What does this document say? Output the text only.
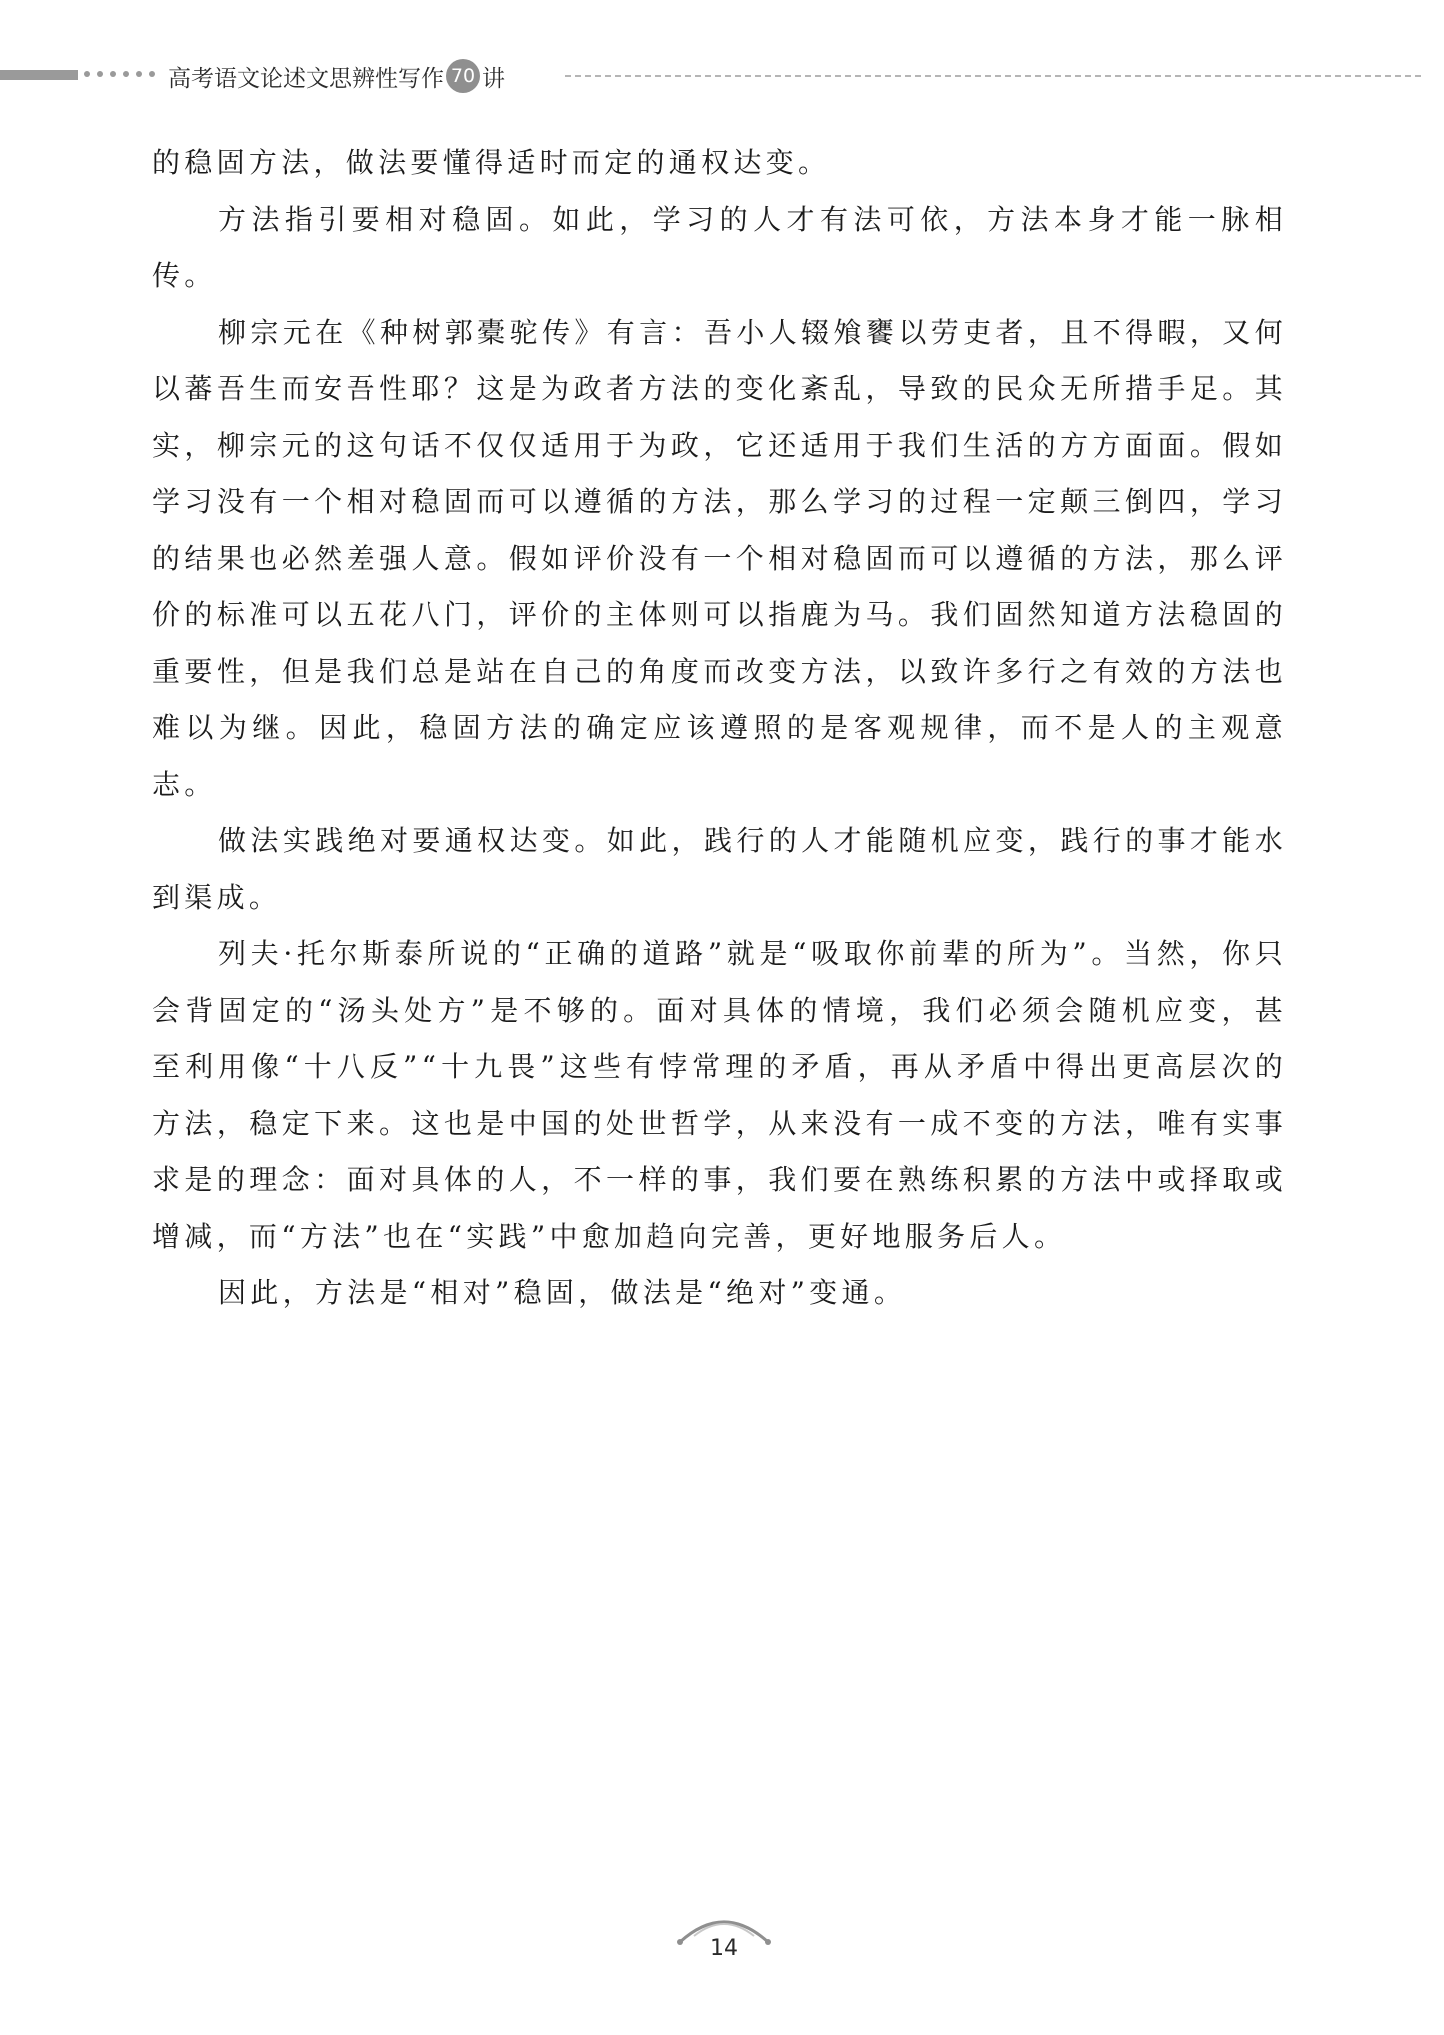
高考语文论述文思辨性写作 70 讲

的稳固方法，做法要懂得适时而定的通权达变。

方法指引要相对稳固。如此，学习的人才有法可依，方法本身才能一脉相传。

柳宗元在《种树郭橐驼传》有言：吾小人辍飧饔以劳吏者，且不得暇，又何以蕃吾生而安吾性耶？这是为政者方法的变化紊乱，导致的民众无所措手足。其实，柳宗元的这句话不仅仅适用于为政，它还适用于我们生活的方方面面。假如学习没有一个相对稳固而可以遵循的方法，那么学习的过程一定颠三倒四，学习的结果也必然差强人意。假如评价没有一个相对稳固而可以遵循的方法，那么评价的标准可以五花八门，评价的主体则可以指鹿为马。我们固然知道方法稳固的重要性，但是我们总是站在自己的角度而改变方法，以致许多行之有效的方法也难以为继。因此，稳固方法的确定应该遵照的是客观规律，而不是人的主观意志。

做法实践绝对要通权达变。如此，践行的人才能随机应变，践行的事才能水到渠成。

列夫·托尔斯泰所说的“正确的道路”就是“吸取你前辈的所为”。当然，你只会背固定的“汤头处方”是不够的。面对具体的情境，我们必须会随机应变，甚至利用像“十八反”“十九畏”这些有悖常理的矛盾，再从矛盾中得出更高层次的方法，稳定下来。这也是中国的处世哲学，从来没有一成不变的方法，唯有实事求是的理念：面对具体的人，不一样的事，我们要在熟练积累的方法中或择取或增减，而“方法”也在“实践”中愈加趋向完善，更好地服务后人。

因此，方法是“相对”稳固，做法是“绝对”变通。

14
